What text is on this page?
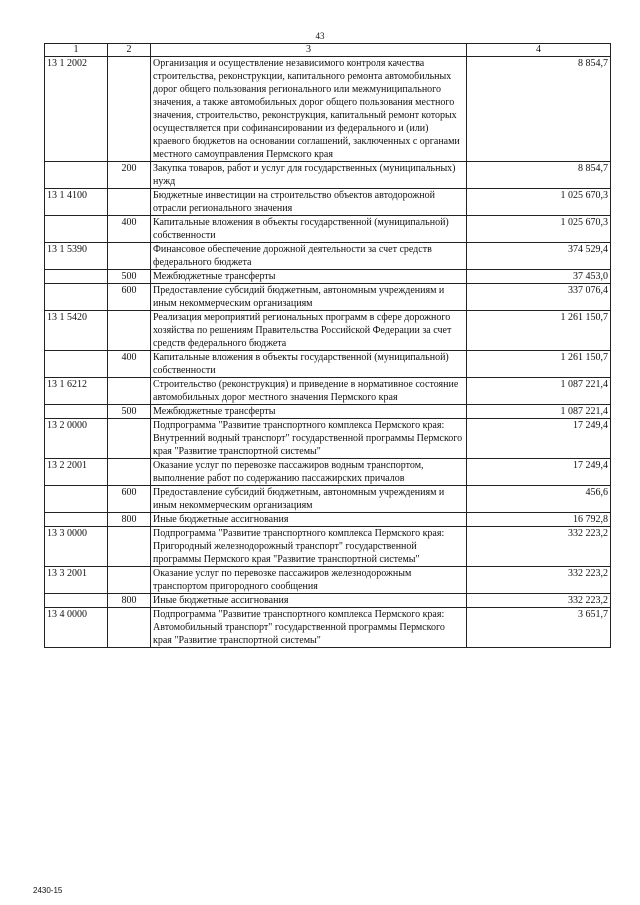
43
1	2	3	4
13 1 2002		Организация и осуществление независимого контроля качества строительства, реконструкции, капитального ремонта автомобильных дорог общего пользования регионального или межмуниципального значения, а также автомобильных дорог общего пользования местного значения, строительство, реконструкция, капитальный ремонт которых осуществляется при софинансировании из федерального и (или) краевого бюджетов на основании соглашений, заключенных с органами местного самоуправления Пермского края	8 854,7
	200	Закупка товаров, работ и услуг для государственных (муниципальных) нужд	8 854,7
13 1 4100		Бюджетные инвестиции на строительство объектов автодорожной отрасли регионального значения	1 025 670,3
	400	Капитальные вложения в объекты государственной (муниципальной) собственности	1 025 670,3
13 1 5390		Финансовое обеспечение дорожной деятельности за счет средств федерального бюджета	374 529,4
	500	Межбюджетные трансферты	37 453,0
	600	Предоставление субсидий бюджетным, автономным учреждениям и иным некоммерческим организациям	337 076,4
13 1 5420		Реализация мероприятий региональных программ в сфере дорожного хозяйства по решениям Правительства Российской Федерации за счет средств федерального бюджета	1 261 150,7
	400	Капитальные вложения в объекты государственной (муниципальной) собственности	1 261 150,7
13 1 6212		Строительство (реконструкция) и приведение в нормативное состояние автомобильных дорог местного значения Пермского края	1 087 221,4
	500	Межбюджетные трансферты	1 087 221,4
13 2 0000		Подпрограмма "Развитие транспортного комплекса Пермского края: Внутренний водный транспорт" государственной программы Пермского края "Развитие транспортной системы"	17 249,4
13 2 2001		Оказание услуг по перевозке пассажиров водным транспортом, выполнение работ по содержанию пассажирских причалов	17 249,4
	600	Предоставление субсидий бюджетным, автономным учреждениям и иным некоммерческим организациям	456,6
	800	Иные бюджетные ассигнования	16 792,8
13 3 0000		Подпрограмма "Развитие транспортного комплекса Пермского края: Пригородный железнодорожный транспорт" государственной программы Пермского края "Развитие транспортной системы"	332 223,2
13 3 2001		Оказание услуг по перевозке пассажиров железнодорожным транспортом пригородного сообщения	332 223,2
	800	Иные бюджетные ассигнования	332 223,2
13 4 0000		Подпрограмма "Развитие транспортного комплекса Пермского края: Автомобильный транспорт" государственной программы Пермского края "Развитие транспортной системы"	3 651,7
2430-15
